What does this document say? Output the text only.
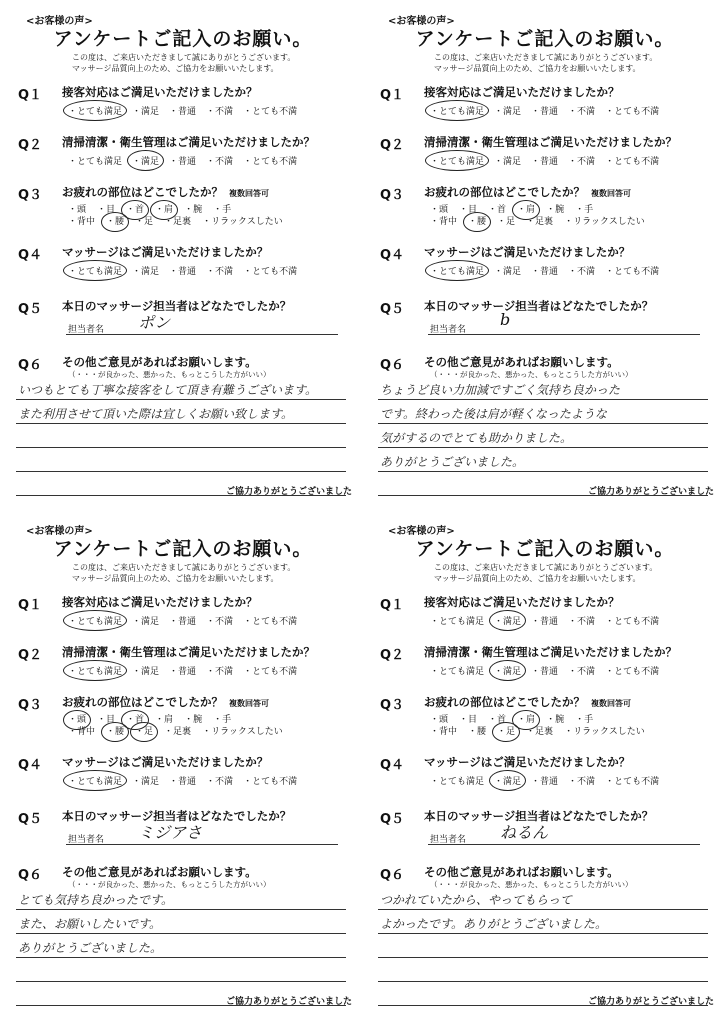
<お客様の声>
アンケートご記入のお願い。
この度は、ご来店いただきまして誠にありがとうございます。
マッサージ品質向上のため、ご協力をお願いいたします。
Q１ 接客対応はご満足いただけましたか？
・とても満足 ・満足 ・普通 ・不満 ・とても不満
Q２ 清掃清潔・衛生管理はご満足いただけましたか？
・とても満足 ・満足 ・普通 ・不満 ・とても不満
Q３ お疲れの部位はどこでしたか？ 複数回答可
・頭 ・目 ・首 ・肩 ・腕 ・手
・背中 ・腰 ・足 ・足裏 ・リラックスしたい
Q４ マッサージはご満足いただけましたか？
・とても満足 ・満足 ・普通 ・不満 ・とても不満
Q５ 本日のマッサージ担当者はどなたでしたか？
担当者名 ポン
Q６ その他ご意見があればお願いします。
（・・・が良かった、悪かった、もっとこうした方がいい）
いつもとても丁寧な接客をして頂き有難うございます。
また利用させて頂いた際は宜しくお願い致します。
ご協力ありがとうございました
<お客様の声>
アンケートご記入のお願い。
この度は、ご来店いただきまして誠にありがとうございます。
マッサージ品質向上のため、ご協力をお願いいたします。
Q１ 接客対応はご満足いただけましたか？
・とても満足 ・満足 ・普通 ・不満 ・とても不満
Q２ 清掃清潔・衛生管理はご満足いただけましたか？
・とても満足 ・満足 ・普通 ・不満 ・とても不満
Q３ お疲れの部位はどこでしたか？ 複数回答可
・頭 ・目 ・首 ・肩 ・腕 ・手
・背中 ・腰 ・足 ・足裏 ・リラックスしたい
Q４ マッサージはご満足いただけましたか？
・とても満足 ・満足 ・普通 ・不満 ・とても不満
Q５ 本日のマッサージ担当者はどなたでしたか？
担当者名
b
Q６ その他ご意見があればお願いします。
（・・・が良かった、悪かった、もっとこうした方がいい）
ちょうど良い力加減ですごく気持ち良かった
です。終わった後は肩が軽くなったような
気がするのでとても助かりました。
ありがとうございました。
ご協力ありがとうございました
<お客様の声>
アンケートご記入のお願い。
この度は、ご来店いただきまして誠にありがとうございます。
マッサージ品質向上のため、ご協力をお願いいたします。
Q１ 接客対応はご満足いただけましたか？
・とても満足 ・満足 ・普通 ・不満 ・とても不満
Q２ 清掃清潔・衛生管理はご満足いただけましたか？
・とても満足 ・満足 ・普通 ・不満 ・とても不満
Q３ お疲れの部位はどこでしたか？ 複数回答可
・頭 ・目 ・首 ・肩 ・腕 ・手
・背中 ・腰 ・足 ・足裏 ・リラックスしたい
Q４ マッサージはご満足いただけましたか？
・とても満足 ・満足 ・普通 ・不満 ・とても不満
Q５ 本日のマッサージ担当者はどなたでしたか？
担当者名 ミジアさ
Q６ その他ご意見があればお願いします。
（・・・が良かった、悪かった、もっとこうした方がいい）
とても気持ち良かったです。
また、お願いしたいです。
ありがとうございました。
ご協力ありがとうございました
<お客様の声>
アンケートご記入のお願い。
この度は、ご来店いただきまして誠にありがとうございます。
マッサージ品質向上のため、ご協力をお願いいたします。
Q１ 接客対応はご満足いただけましたか？
・とても満足 ・満足 ・普通 ・不満 ・とても不満
Q２ 清掃清潔・衛生管理はご満足いただけましたか？
・とても満足 ・満足 ・普通 ・不満 ・とても不満
Q３ お疲れの部位はどこでしたか？ 複数回答可
・頭 ・目 ・首 ・肩 ・腕 ・手
・背中 ・腰 ・足 ・足裏 ・リラックスしたい
Q４ マッサージはご満足いただけましたか？
・とても満足 ・満足 ・普通 ・不満 ・とても不満
Q５ 本日のマッサージ担当者はどなたでしたか？
担当者名 ねるん
Q６ その他ご意見があればお願いします。
（・・・が良かった、悪かった、もっとこうした方がいい）
つかれていたから、やってもらって
よかったです。ありがとうございました。
ご協力ありがとうございました
